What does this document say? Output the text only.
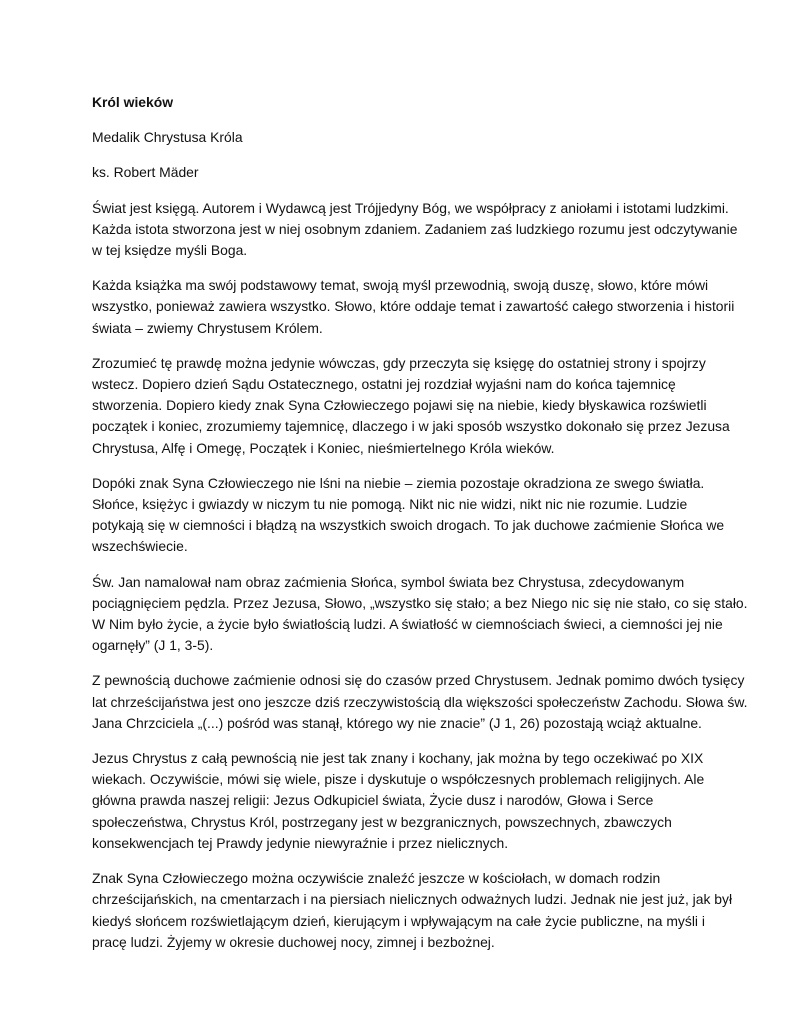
Król wieków
Medalik Chrystusa Króla
ks. Robert Mäder
Świat jest księgą. Autorem i Wydawcą jest Trójjedyny Bóg, we współpracy z aniołami i istotami ludzkimi.
Każda istota stworzona jest w niej osobnym zdaniem. Zadaniem zaś ludzkiego rozumu jest odczytywanie
w tej księdze myśli Boga.
Każda książka ma swój podstawowy temat, swoją myśl przewodnią, swoją duszę, słowo, które mówi
wszystko, ponieważ zawiera wszystko. Słowo, które oddaje temat i zawartość całego stworzenia i historii
świata – zwiemy Chrystusem Królem.
Zrozumieć tę prawdę można jedynie wówczas, gdy przeczyta się księgę do ostatniej strony i spojrzy
wstecz. Dopiero dzień Sądu Ostatecznego, ostatni jej rozdział wyjaśni nam do końca tajemnicę
stworzenia. Dopiero kiedy znak Syna Człowieczego pojawi się na niebie, kiedy błyskawica rozświetli
początek i koniec, zrozumiemy tajemnicę, dlaczego i w jaki sposób wszystko dokonało się przez Jezusa
Chrystusa, Alfę i Omegę, Początek i Koniec, nieśmiertelnego Króla wieków.
Dopóki znak Syna Człowieczego nie lśni na niebie – ziemia pozostaje okradziona ze swego światła.
Słońce, księżyc i gwiazdy w niczym tu nie pomogą. Nikt nic nie widzi, nikt nic nie rozumie. Ludzie
potykają się w ciemności i błądzą na wszystkich swoich drogach. To jak duchowe zaćmienie Słońca we
wszechświecie.
Św. Jan namalował nam obraz zaćmienia Słońca, symbol świata bez Chrystusa, zdecydowanym
pociągnięciem pędzla. Przez Jezusa, Słowo, „wszystko się stało; a bez Niego nic się nie stało, co się stało.
W Nim było życie, a życie było światłością ludzi. A światłość w ciemnościach świeci, a ciemności jej nie
ogarnęły” (J 1, 3-5).
Z pewnością duchowe zaćmienie odnosi się do czasów przed Chrystusem. Jednak pomimo dwóch tysięcy
lat chrześcijaństwa jest ono jeszcze dziś rzeczywistością dla większości społeczeństw Zachodu. Słowa św.
Jana Chrzciciela „(...) pośród was stanął, którego wy nie znacie” (J 1, 26) pozostają wciąż aktualne.
Jezus Chrystus z całą pewnością nie jest tak znany i kochany, jak można by tego oczekiwać po XIX
wiekach. Oczywiście, mówi się wiele, pisze i dyskutuje o współczesnych problemach religijnych. Ale
główna prawda naszej religii: Jezus Odkupiciel świata, Życie dusz i narodów, Głowa i Serce
społeczeństwa, Chrystus Król, postrzegany jest w bezgranicznych, powszechnych, zbawczych
konsekwencjach tej Prawdy jedynie niewyraźnie i przez nielicznych.
Znak Syna Człowieczego można oczywiście znaleźć jeszcze w kościołach, w domach rodzin
chrześcijańskich, na cmentarzach i na piersiach nielicznych odważnych ludzi. Jednak nie jest już, jak był
kiedyś słońcem rozświetlającym dzień, kierującym i wpływającym na całe życie publiczne, na myśli i
pracę ludzi. Żyjemy w okresie duchowej nocy, zimnej i bezbożnej.
